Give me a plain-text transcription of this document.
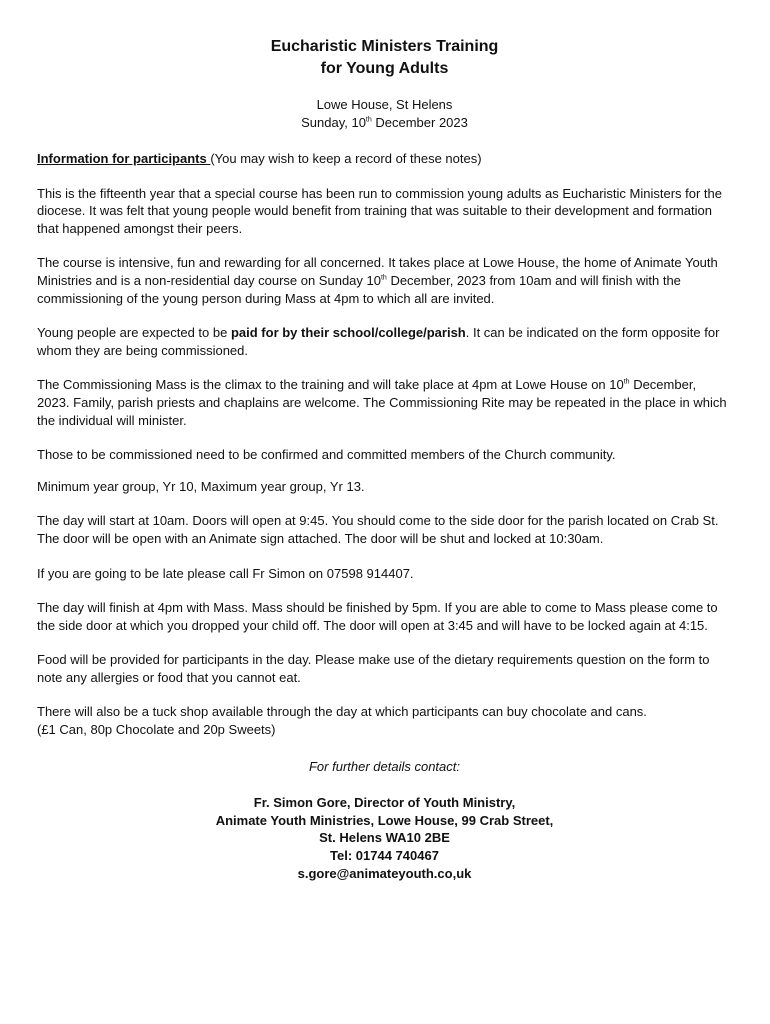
Eucharistic Ministers Training
for Young Adults
Lowe House, St Helens
Sunday, 10th December 2023

Information for participants (You may wish to keep a record of these notes)

This is the fifteenth year that a special course has been run to commission young adults as Eucharistic Ministers for the diocese. It was felt that young people would benefit from training that was suitable to their development and formation that happened amongst their peers.

The course is intensive, fun and rewarding for all concerned. It takes place at Lowe House, the home of Animate Youth Ministries and is a non-residential day course on Sunday 10th December, 2023 from 10am and will finish with the commissioning of the young person during Mass at 4pm to which all are invited.

Young people are expected to be paid for by their school/college/parish. It can be indicated on the form opposite for whom they are being commissioned.

The Commissioning Mass is the climax to the training and will take place at 4pm at Lowe House on 10th December, 2023. Family, parish priests and chaplains are welcome. The Commissioning Rite may be repeated in the place in which the individual will minister.

Those to be commissioned need to be confirmed and committed members of the Church community.

Minimum year group, Yr 10, Maximum year group, Yr 13.

The day will start at 10am. Doors will open at 9:45. You should come to the side door for the parish located on Crab St. The door will be open with an Animate sign attached. The door will be shut and locked at 10:30am.

If you are going to be late please call Fr Simon on 07598 914407.

The day will finish at 4pm with Mass. Mass should be finished by 5pm. If you are able to come to Mass please come to the side door at which you dropped your child off. The door will open at 3:45 and will have to be locked again at 4:15.

Food will be provided for participants in the day. Please make use of the dietary requirements question on the form to note any allergies or food that you cannot eat.

There will also be a tuck shop available through the day at which participants can buy chocolate and cans.
(£1 Can, 80p Chocolate and 20p Sweets)

For further details contact:

Fr. Simon Gore, Director of Youth Ministry,
Animate Youth Ministries, Lowe House, 99 Crab Street,
St. Helens WA10 2BE
Tel: 01744 740467
s.gore@animateyouth.co,uk
